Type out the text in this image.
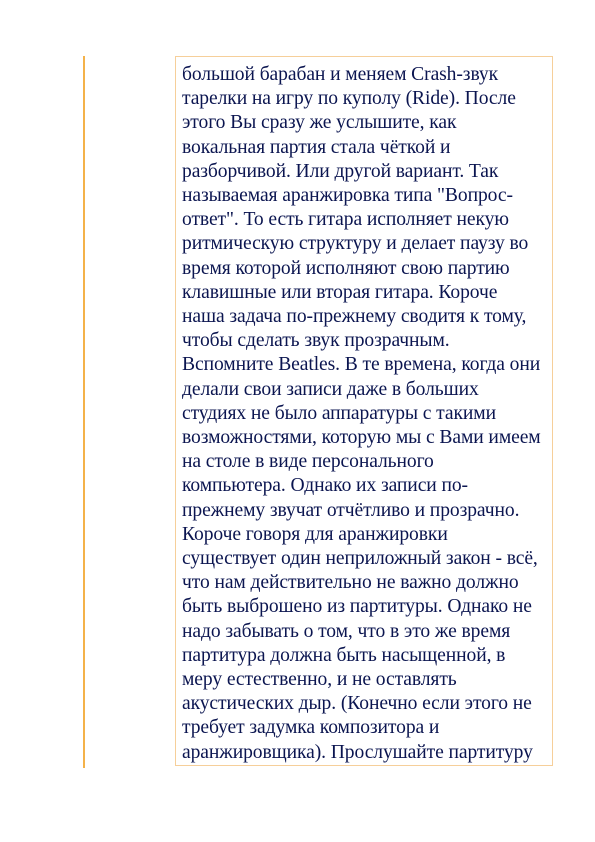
большой барабан и меняем Crash-звук
тарелки на игру по куполу (Ride). После
этого Вы сразу же услышите, как
вокальная партия стала чёткой и
разборчивой. Или другой вариант. Так
называемая аранжировка типа "Вопрос-
ответ". То есть гитара исполняет некую
ритмическую структуру и делает паузу во
время которой исполняют свою партию
клавишные или вторая гитара. Короче
наша задача по-прежнему сводитя к тому,
чтобы сделать звук прозрачным.
Вспомните Beatles. В те времена, когда они
делали свои записи даже в больших
студиях не было аппаратуры с такими
возможностями, которую мы с Вами имеем
на столе в виде персонального
компьютера. Однако их записи по-
прежнему звучат отчётливо и прозрачно.
Короче говоря для аранжировки
существует один неприложный закон - всё,
что нам действительно не важно должно
быть выброшено из партитуры. Однако не
надо забывать о том, что в это же время
партитура должна быть насыщенной, в
меру естественно, и не оставлять
акустических дыр. (Конечно если этого не
требует задумка композитора и
аранжировщика). Прослушайте партитуру
